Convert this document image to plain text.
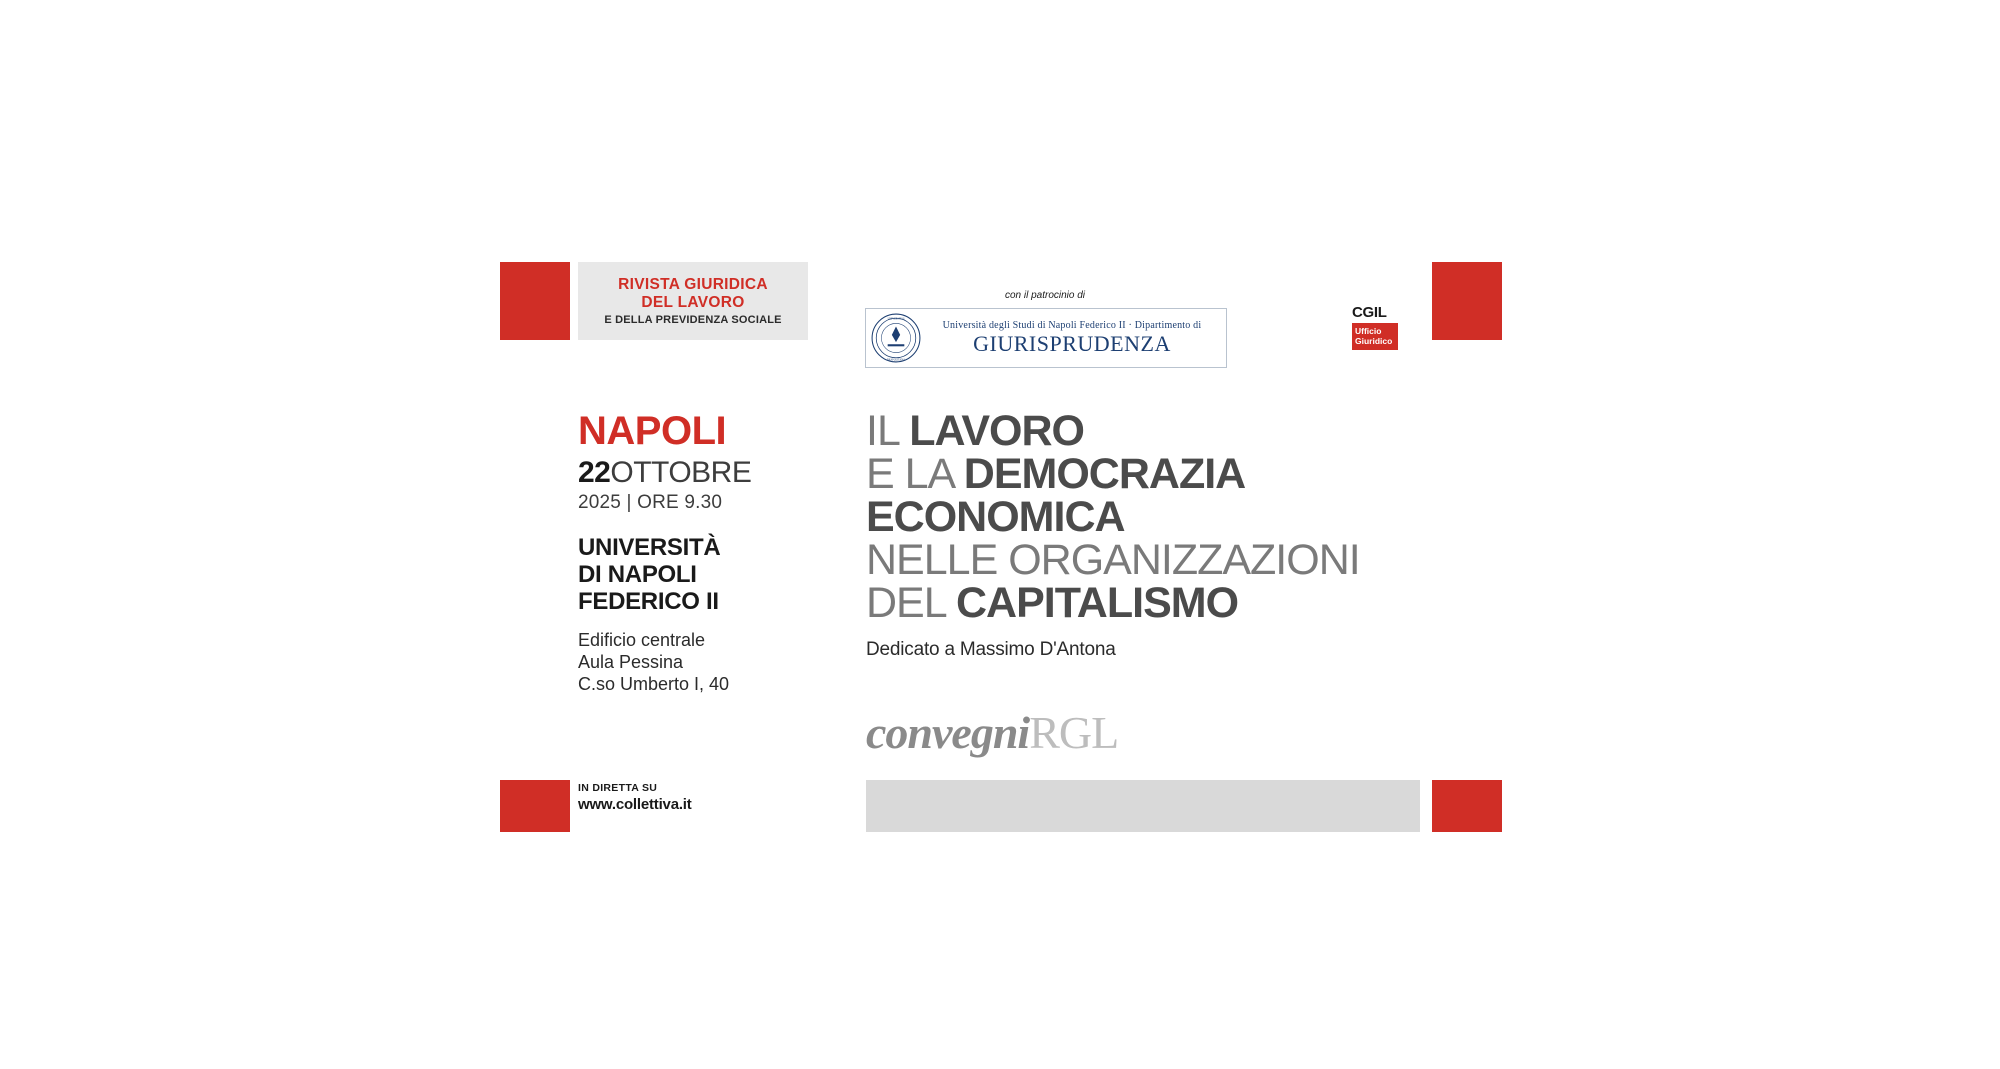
RIVISTA GIURIDICA
DEL LAVORO
E DELLA PREVIDENZA SOCIALE
con il patrocinio di
UNIVERSITAS
NEAPOLITANA
Università degli Studi di Napoli Federico II · Dipartimento di
GIURISPRUDENZA
CGIL
Ufficio
Giuridico
NAPOLI
22OTTOBRE
2025 | ORE 9.30
UNIVERSITÀ
DI NAPOLI
FEDERICO II
Edificio centrale
Aula Pessina
C.so Umberto I, 40
IN DIRETTA SU
www.collettiva.it
IL LAVORO
E LA DEMOCRAZIA
ECONOMICA
NELLE ORGANIZZAZIONI
DEL CAPITALISMO
Dedicato a Massimo D'Antona
convegniRGL
